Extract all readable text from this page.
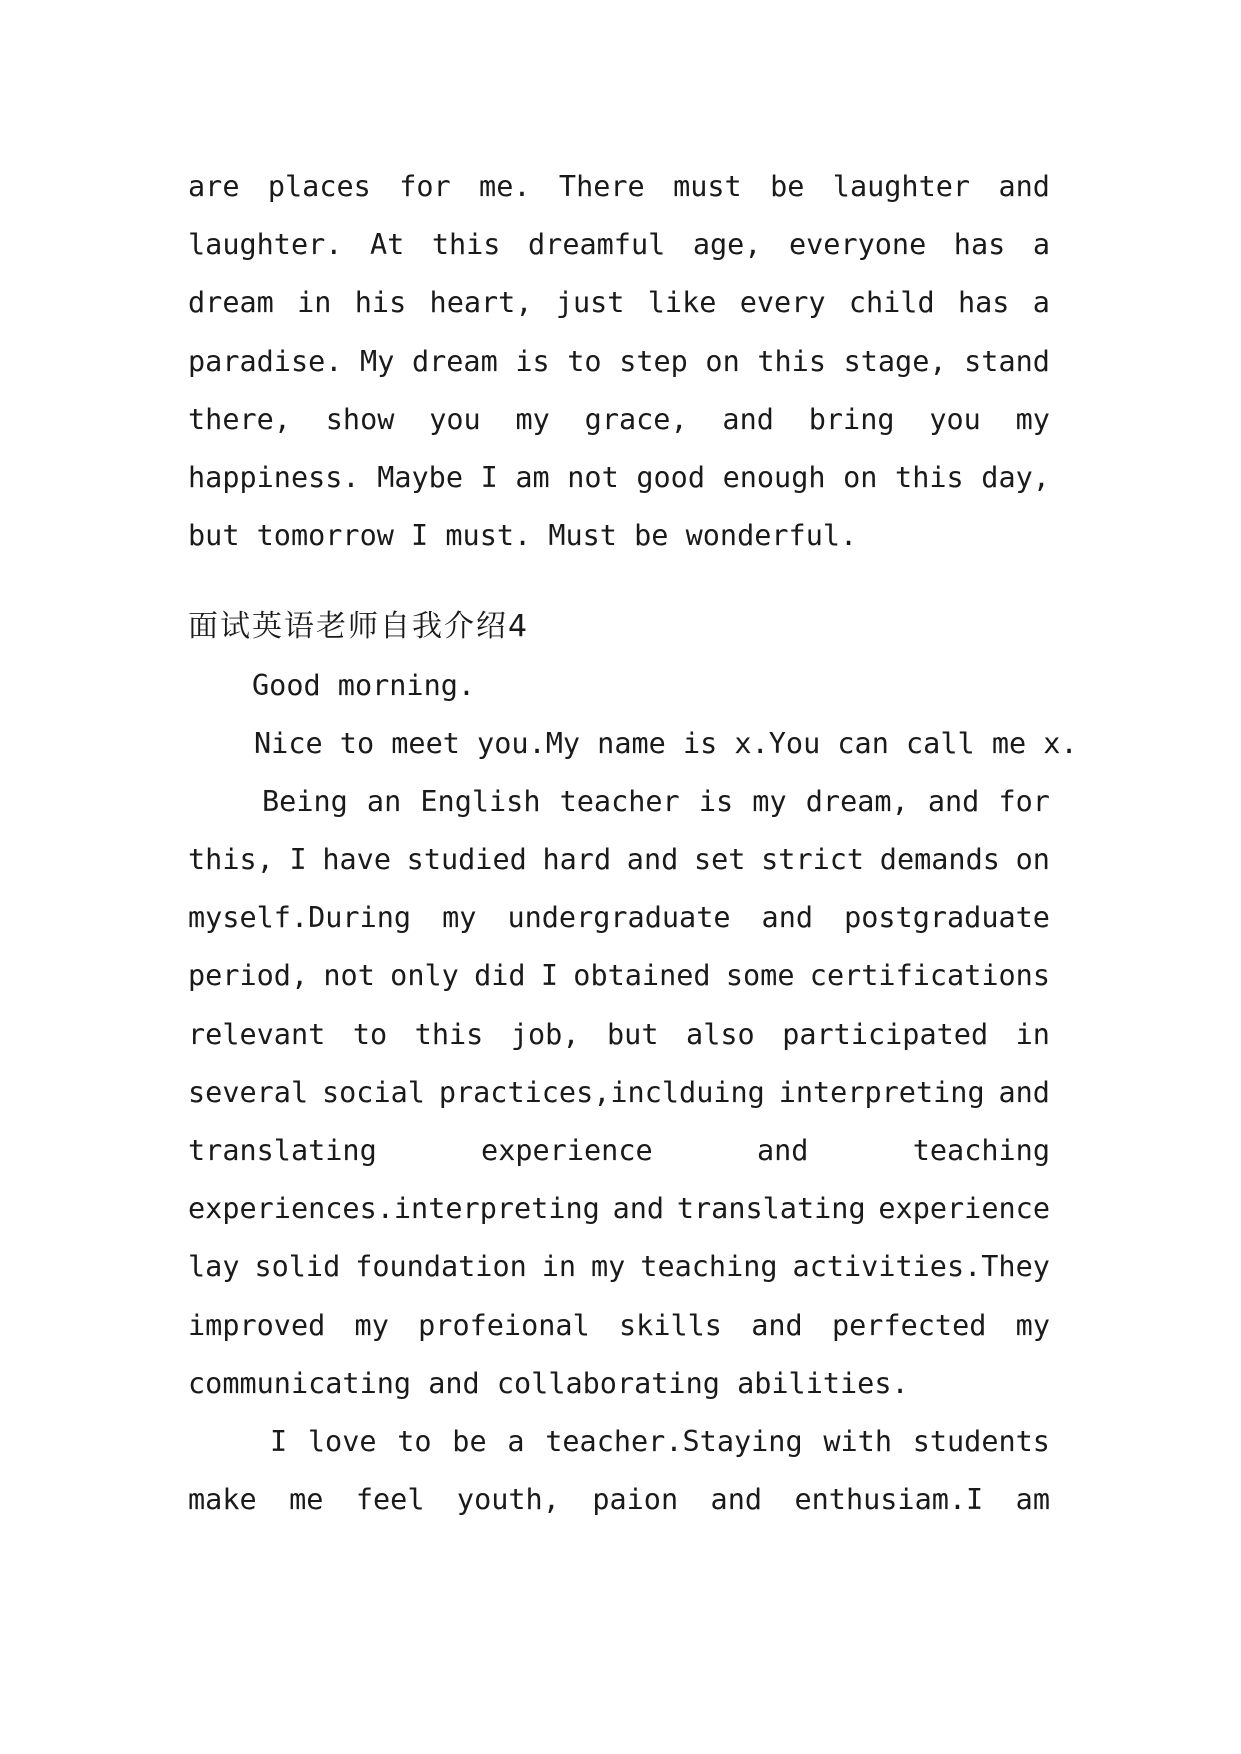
are places for me. There must be laughter and
laughter. At this dreamful age, everyone has a
dream in his heart, just like every child has a
paradise. My dream is to step on this stage, stand
there, show you my grace, and bring you my
happiness. Maybe I am not good enough on this day,
but tomorrow I must. Must be wonderful.
面试英语老师自我介绍4
Good morning.
Nice to meet you.My name is x.You can call me x.
Being an English teacher is my dream, and for
this, I have studied hard and set strict demands on
myself.During my undergraduate and postgraduate
period, not only did I obtained some certifications
relevant to this job, but also participated in
several social practices,inclduing interpreting and
translating	experience	and	teaching
experiences.interpreting and translating experience
lay solid foundation in my teaching activities.They
improved my profeional skills and perfected my
communicating and collaborating abilities.
I love to be a teacher.Staying with students
make me feel youth, paion and enthusiam.I am
